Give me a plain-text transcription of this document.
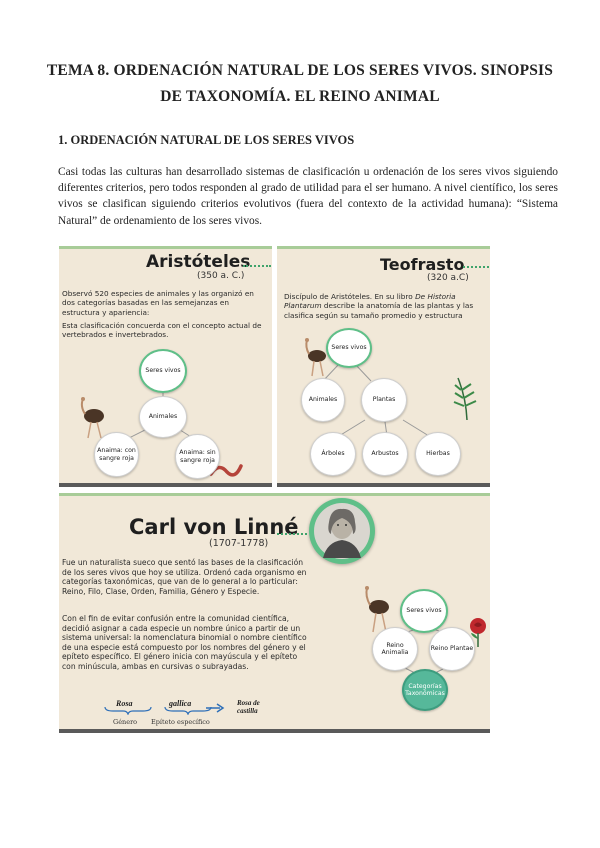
TEMA 8. ORDENACIÓN NATURAL DE LOS SERES VIVOS. SINOPSIS DE TAXONOMÍA. EL REINO ANIMAL
1. ORDENACIÓN NATURAL DE LOS SERES VIVOS

Casi todas las culturas han desarrollado sistemas de clasificación u ordenación de los seres vivos siguiendo diferentes criterios, pero todos responden al grado de utilidad para el ser humano. A nivel científico, los seres vivos se clasifican siguiendo criterios evolutivos (fuera del contexto de la actividad humana): “Sistema Natural” de ordenamiento de los seres vivos.

Aristóteles
(350 a. C.)

Observó 520 especies de animales y las organizó en dos categorías basadas en las semejanzas en estructura y apariencia:

Esta clasificación concuerda con el concepto actual de vertebrados e invertebrados.

Seres vivos
Animales
Anaima: con sangre roja
Anaima: sin sangre roja
Teofrasto
(320 a.C)

Discípulo de Aristóteles. En su libro De Historia Plantarum describe la anatomía de las plantas y las clasifica según su tamaño promedio y estructura

Seres vivos
Animales	Plantas
Árboles	Arbustos	Hierbas
Carl von Linné
(1707-1778)

Fue un naturalista sueco que sentó las bases de la clasificación de los seres vivos que hoy se utiliza. Ordenó cada organismo en categorías taxonómicas, que van de lo general a lo particular: Reino, Filo, Clase, Orden, Familia, Género y Especie.

Con el fin de evitar confusión entre la comunidad científica, decidió asignar a cada especie un nombre único a partir de un sistema universal: la nomenclatura binomial o nombre científico de una especie está compuesto por los nombres del género y el epíteto específico. El género inicia con mayúscula y el epíteto con minúscula, ambas en cursivas o subrayadas.

Rosa	gallica	Rosa de castilla
Género Epíteto específico
Seres vivos
Reino Animalia
Reino Plantae
Categorías Taxonómicas
